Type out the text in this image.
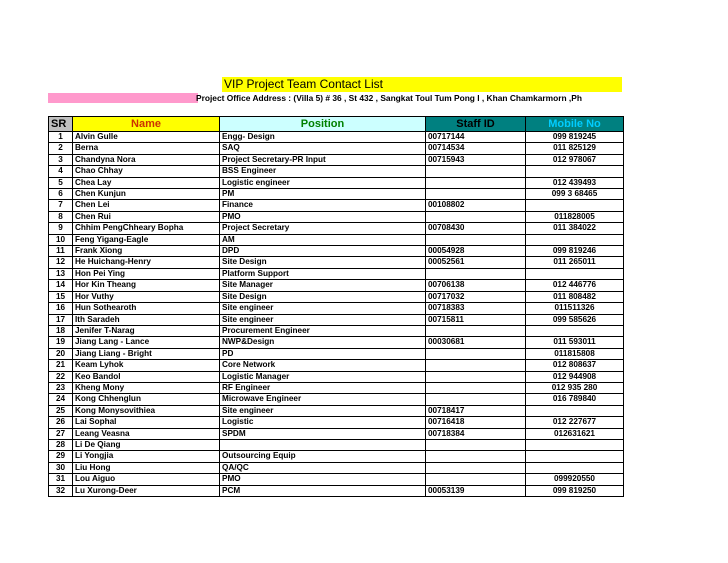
VIP Project Team Contact List
Project Office Address : (Villa 5) # 36 , St 432 , Sangkat Toul Tum Pong I , Khan Chamkarmorn ,Ph
SR	Name	Position	Staff ID	Mobile No
1	Alvin Gulle	Engg- Design	00717144	099 819245
2	Berna	SAQ	00714534	011 825129
3	Chandyna Nora	Project Secretary-PR Input	00715943	012 978067
4	Chao Chhay	BSS Engineer		
5	Chea Lay	Logistic engineer		012 439493
6	Chen Kunjun	PM		099 3 68465
7	Chen Lei	Finance	00108802	
8	Chen Rui	PMO		011828005
9	Chhim PengChheary Bopha	Project Secretary	00708430	011 384022
10	Feng Yigang-Eagle	AM		
11	Frank Xiong	DPD	00054928	099 819246
12	He Huichang-Henry	Site Design	00052561	011 265011
13	Hon Pei Ying	Platform Support		
14	Hor Kin Theang	Site Manager	00706138	012 446776
15	Hor Vuthy	Site Design	00717032	011 808482
16	Hun Sothearoth	Site engineer	00718383	011511326
17	Ith Saradeh	Site engineer	00715811	099 585626
18	Jenifer T-Narag	Procurement Engineer		
19	Jiang Lang - Lance	NWP&Design	00030681	011 593011
20	Jiang Liang - Bright	PD		011815808
21	Keam Lyhok	Core Network		012 808637
22	Keo Bandol	Logistic Manager		012 944908
23	Kheng Mony	RF Engineer		012 935 280
24	Kong Chhenglun	Microwave Engineer		016 789840
25	Kong Monysovithiea	Site engineer	00718417	
26	Lai Sophal	Logistic	00716418	012 227677
27	Leang Veasna	SPDM	00718384	012631621
28	Li De Qiang			
29	Li Yongjia	Outsourcing Equip		
30	Liu Hong	QA/QC		
31	Lou Aiguo	PMO		099920550
32	Lu Xurong-Deer	PCM	00053139	099 819250
